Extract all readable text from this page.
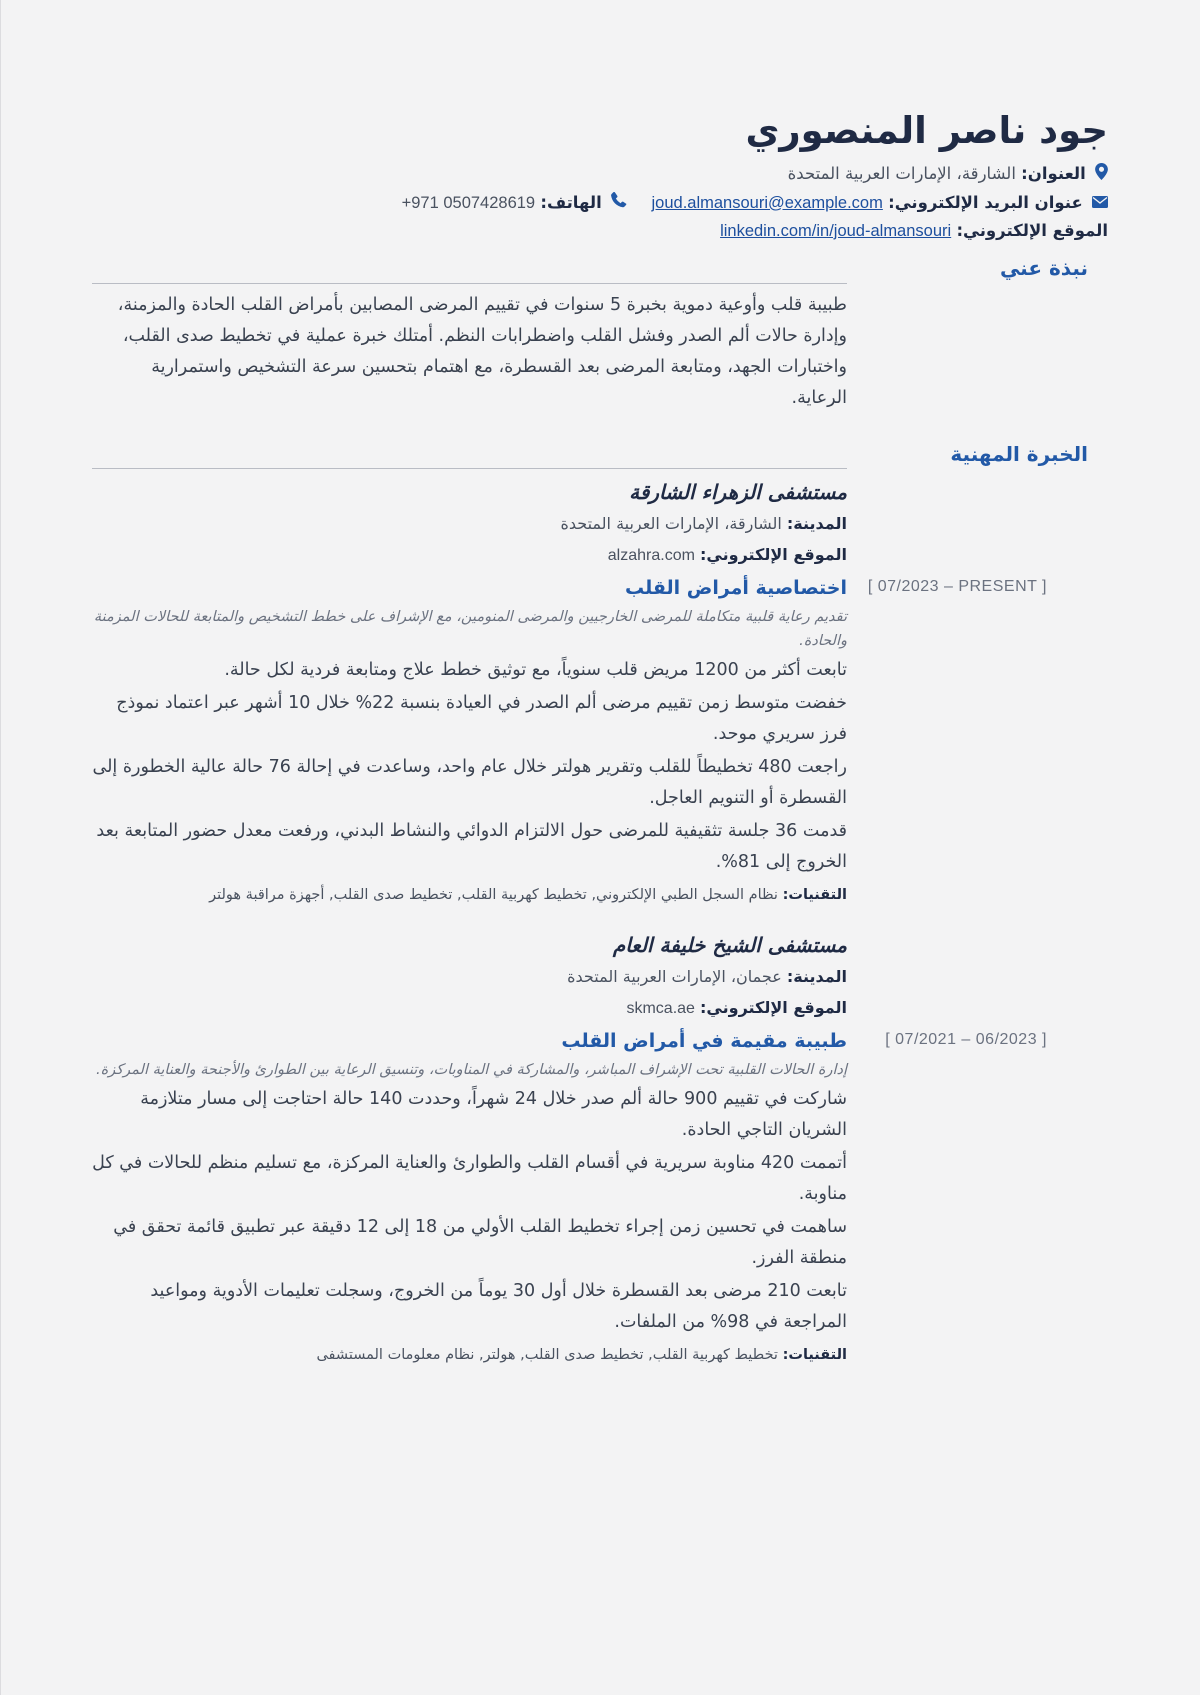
جود ناصر المنصوري
العنوان: الشارقة، الإمارات العربية المتحدة
عنوان البريد الإلكتروني: joud.almansouri@example.com   الهاتف: +971 0507428619
الموقع الإلكتروني: linkedin.com/in/joud-almansouri
نبذة عني
طبيبة قلب وأوعية دموية بخبرة 5 سنوات في تقييم المرضى المصابين بأمراض القلب الحادة والمزمنة، وإدارة حالات ألم الصدر وفشل القلب واضطرابات النظم. أمتلك خبرة عملية في تخطيط صدى القلب، واختبارات الجهد، ومتابعة المرضى بعد القسطرة، مع اهتمام بتحسين سرعة التشخيص واستمرارية الرعاية.
الخبرة المهنية
مستشفى الزهراء الشارقة
المدينة: الشارقة، الإمارات العربية المتحدة
الموقع الإلكتروني: alzahra.com
اختصاصية أمراض القلب [ 07/2023 – PRESENT ]
تقديم رعاية قلبية متكاملة للمرضى الخارجيين والمرضى المنومين، مع الإشراف على خطط التشخيص والمتابعة للحالات المزمنة والحادة.
تابعت أكثر من 1200 مريض قلب سنوياً، مع توثيق خطط علاج ومتابعة فردية لكل حالة.
خفضت متوسط زمن تقييم مرضى ألم الصدر في العيادة بنسبة 22% خلال 10 أشهر عبر اعتماد نموذج فرز سريري موحد.
راجعت 480 تخطيطاً للقلب وتقرير هولتر خلال عام واحد، وساعدت في إحالة 76 حالة عالية الخطورة إلى القسطرة أو التنويم العاجل.
قدمت 36 جلسة تثقيفية للمرضى حول الالتزام الدوائي والنشاط البدني، ورفعت معدل حضور المتابعة بعد الخروج إلى 81%.
التقنيات: نظام السجل الطبي الإلكتروني, تخطيط كهربية القلب, تخطيط صدى القلب, أجهزة مراقبة هولتر
مستشفى الشيخ خليفة العام
المدينة: عجمان، الإمارات العربية المتحدة
الموقع الإلكتروني: skmca.ae
طبيبة مقيمة في أمراض القلب [ 07/2021 – 06/2023 ]
إدارة الحالات القلبية تحت الإشراف المباشر، والمشاركة في المناوبات، وتنسيق الرعاية بين الطوارئ والأجنحة والعناية المركزة.
شاركت في تقييم 900 حالة ألم صدر خلال 24 شهراً، وحددت 140 حالة احتاجت إلى مسار متلازمة الشريان التاجي الحادة.
أتممت 420 مناوبة سريرية في أقسام القلب والطوارئ والعناية المركزة، مع تسليم منظم للحالات في كل مناوبة.
ساهمت في تحسين زمن إجراء تخطيط القلب الأولي من 18 إلى 12 دقيقة عبر تطبيق قائمة تحقق في منطقة الفرز.
تابعت 210 مرضى بعد القسطرة خلال أول 30 يوماً من الخروج، وسجلت تعليمات الأدوية ومواعيد المراجعة في 98% من الملفات.
التقنيات: تخطيط كهربية القلب, تخطيط صدى القلب, هولتر, نظام معلومات المستشفى
